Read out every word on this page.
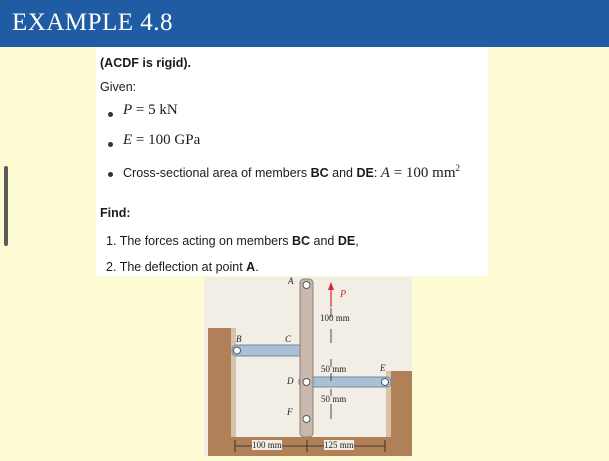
EXAMPLE 4.8
(ACDF is rigid).
Given:
P = 5 kN
E = 100 GPa
Cross-sectional area of members BC and DE: A = 100 $mm^2$
Find:
1. The forces acting on members BC and DE,
2. The deflection at point A.
A
P
100 mm
B	C
50 mm	E
D
50 mm
F
100 mm	125 mm
